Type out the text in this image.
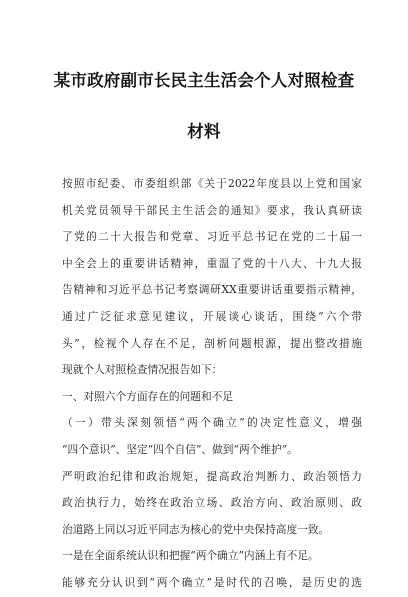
某市政府副市长民主生活会个人对照检查
材料
按照市纪委、市委组织部《关于2022年度县以上党和国家
机关党员领导干部民主生活会的通知》要求，我认真研读
了党的二十大报告和党章、习近平总书记在党的二十届一
中全会上的重要讲话精神，重温了党的十八大、十九大报
告精神和习近平总书记考察调研XX重要讲话重要指示精神，
通过广泛征求意见建议，开展谈心谈话，围绕“六个带
头”，检视个人存在不足，剖析问题根源，提出整改措施
现就个人对照检查情况报告如下：
一、对照六个方面存在的问题和不足
（一）带头深刻领悟“两个确立”的决定性意义，增强
“四个意识”、坚定“四个自信”、做到“两个维护”。
严明政治纪律和政治规矩，提高政治判断力、政治领悟力
政治执行力，始终在政治立场、政治方向、政治原则、政
治道路上同以习近平同志为核心的党中央保持高度一致。
一是在全面系统认识和把握“两个确立”内涵上有不足。
能够充分认识到“两个确立”是时代的召唤，是历史的选
